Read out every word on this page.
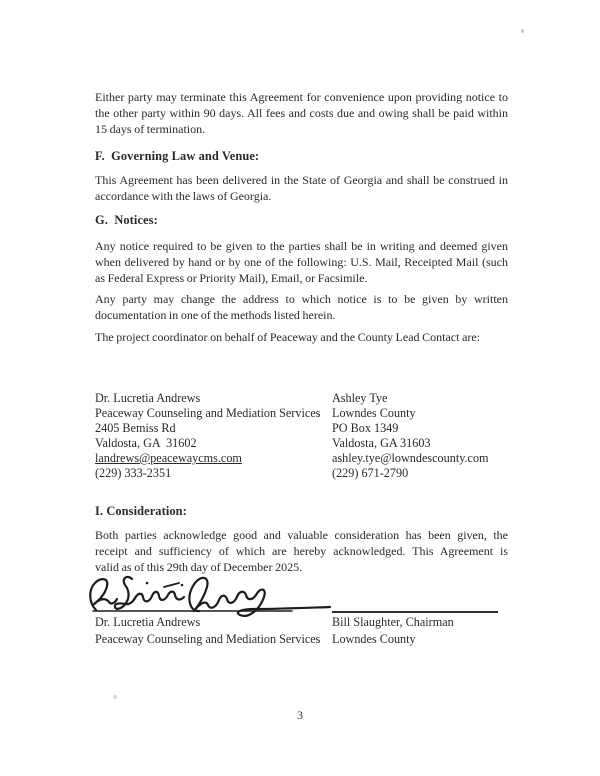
Either party may terminate this Agreement for convenience upon providing notice to
the other party within 90 days. All fees and costs due and owing shall be paid within
15 days of termination.
F.  Governing Law and Venue:
This Agreement has been delivered in the State of Georgia and shall be construed in
accordance with the laws of Georgia.
G.  Notices:
Any notice required to be given to the parties shall be in writing and deemed given
when delivered by hand or by one of the following: U.S. Mail, Receipted Mail (such
as Federal Express or Priority Mail), Email, or Facsimile.
Any party may change the address to which notice is to be given by written
documentation in one of the methods listed herein.
The project coordinator on behalf of Peaceway and the County Lead Contact are:
Dr. Lucretia Andrews
Peaceway Counseling and Mediation Services
2405 Bemiss Rd
Valdosta, GA  31602
landrews@peacewaycms.com
(229) 333-2351
Ashley Tye
Lowndes County
PO Box 1349
Valdosta, GA 31603
ashley.tye@lowndescounty.com
(229) 671-2790
I. Consideration:
Both parties acknowledge good and valuable consideration has been given, the
receipt and sufficiency of which are hereby acknowledged. This Agreement is
valid as of this 29th day of December 2025.
Dr. Lucretia Andrews
Peaceway Counseling and Mediation Services
Bill Slaughter, Chairman
Lowndes County
3
